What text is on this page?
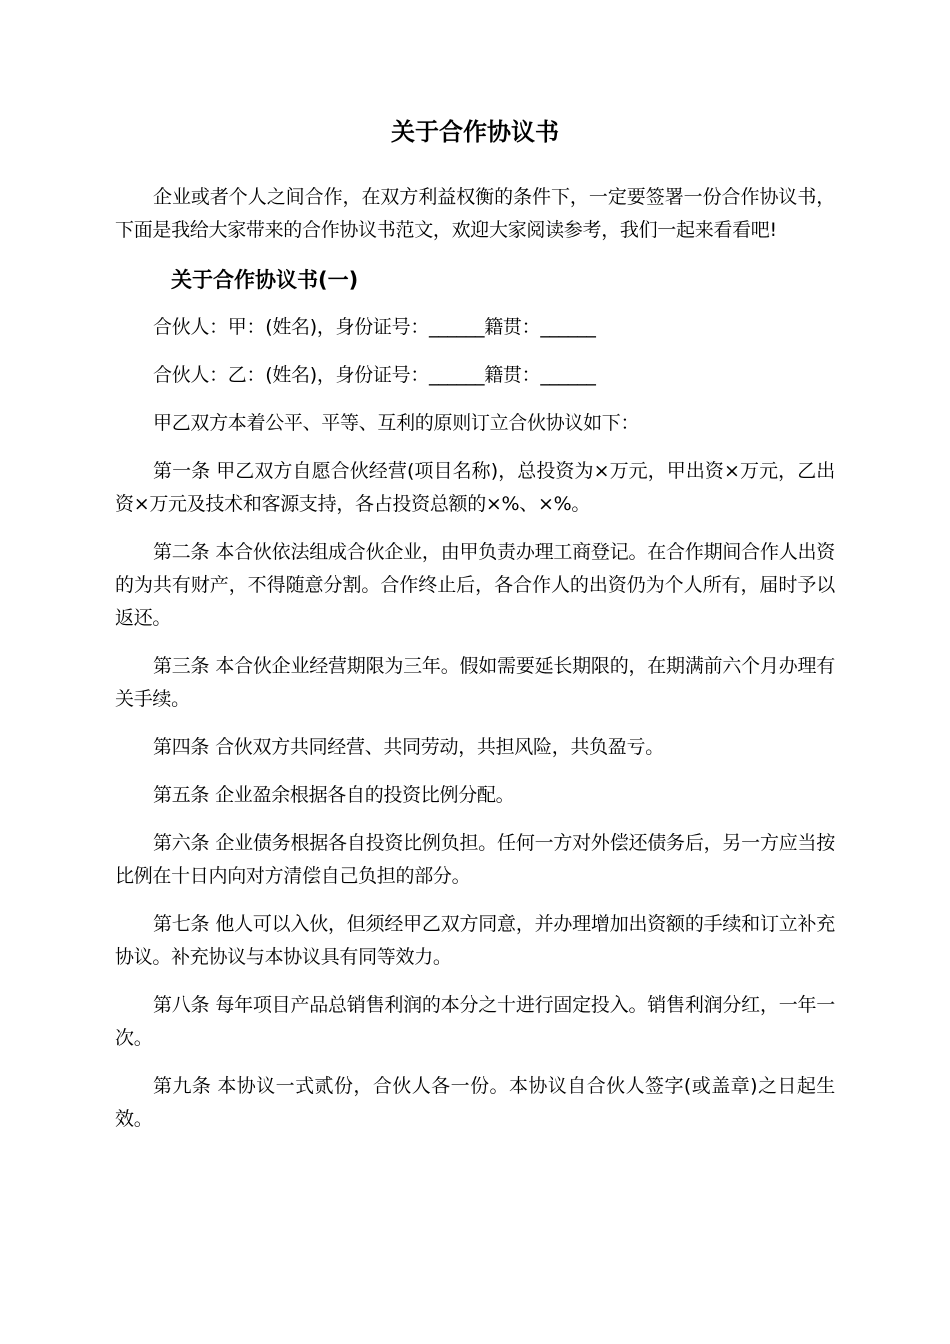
关于合作协议书

企业或者个人之间合作，在双方利益权衡的条件下，一定要签署一份合作协议书，下面是我给大家带来的合作协议书范文，欢迎大家阅读参考，我们一起来看看吧!

关于合作协议书(一)

合伙人：甲：(姓名)，身份证号：______籍贯：______

合伙人：乙：(姓名)，身份证号：______籍贯：______

甲乙双方本着公平、平等、互利的原则订立合伙协议如下：

第一条 甲乙双方自愿合伙经营(项目名称)，总投资为×万元，甲出资×万元，乙出资×万元及技术和客源支持，各占投资总额的×%、×%。

第二条 本合伙依法组成合伙企业，由甲负责办理工商登记。在合作期间合作人出资的为共有财产，不得随意分割。合作终止后，各合作人的出资仍为个人所有，届时予以返还。

第三条 本合伙企业经营期限为三年。假如需要延长期限的，在期满前六个月办理有关手续。

第四条 合伙双方共同经营、共同劳动，共担风险，共负盈亏。

第五条 企业盈余根据各自的投资比例分配。

第六条 企业债务根据各自投资比例负担。任何一方对外偿还债务后，另一方应当按比例在十日内向对方清偿自己负担的部分。

第七条 他人可以入伙，但须经甲乙双方同意，并办理增加出资额的手续和订立补充协议。补充协议与本协议具有同等效力。

第八条 每年项目产品总销售利润的本分之十进行固定投入。销售利润分红，一年一次。

第九条 本协议一式贰份，合伙人各一份。本协议自合伙人签字(或盖章)之日起生效。
